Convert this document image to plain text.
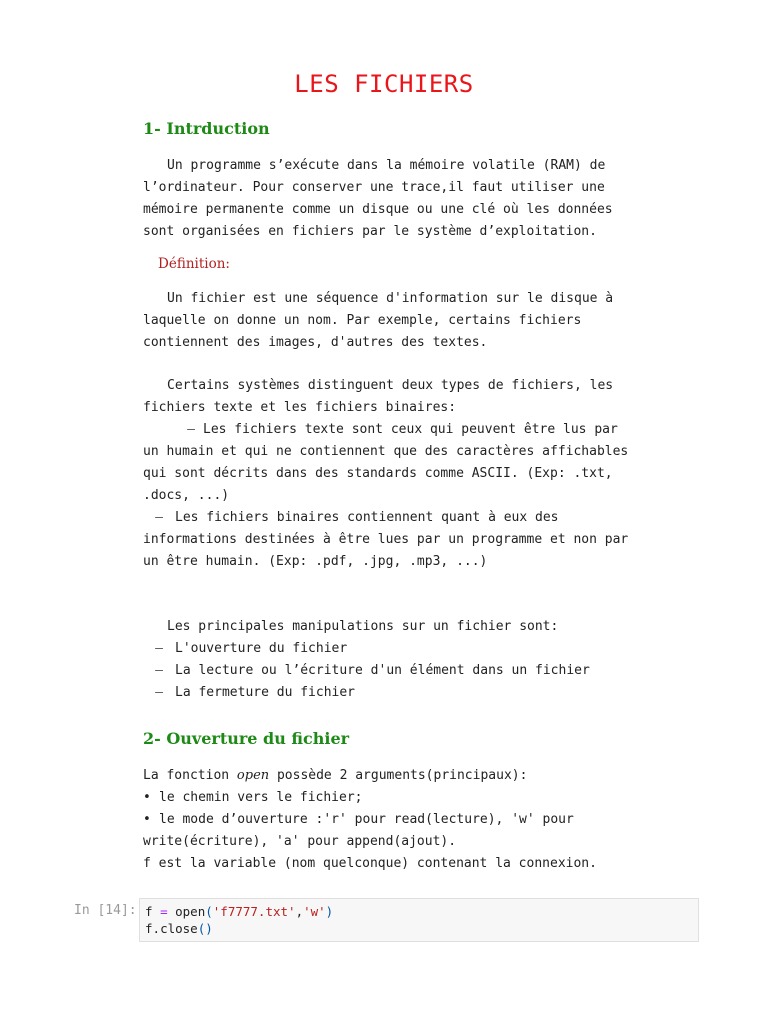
LES FICHIERS
1- Intrduction
Un programme s’exécute dans la mémoire volatile (RAM) de l’ordinateur. Pour conserver une trace,il faut utiliser une mémoire permanente comme un disque ou une clé où les données sont organisées en fichiers par le système d’exploitation.
Définition:
Un fichier est une séquence d'information sur le disque à laquelle on donne un nom. Par exemple, certains fichiers contiennent des images, d'autres des textes.
Certains systèmes distinguent deux types de fichiers, les fichiers texte et les fichiers binaires:
— Les fichiers texte sont ceux qui peuvent être lus par un humain et qui ne contiennent que des caractères affichables qui sont décrits dans des standards comme ASCII. (Exp: .txt, .docs, ...)
— Les fichiers binaires contiennent quant à eux des informations destinées à être lues par un programme et non par un être humain. (Exp: .pdf, .jpg, .mp3, ...)
Les principales manipulations sur un fichier sont:
— L'ouverture du fichier
— La lecture ou l’écriture d'un élément dans un fichier
— La fermeture du fichier
2- Ouverture du fichier
La fonction open possède 2 arguments(principaux):
• le chemin vers le fichier;
• le mode d’ouverture :'r' pour read(lecture), 'w' pour write(écriture), 'a' pour append(ajout).
f est la variable (nom quelconque) contenant la connexion.
In [14]: f = open('f7777.txt','w')
f.close()
